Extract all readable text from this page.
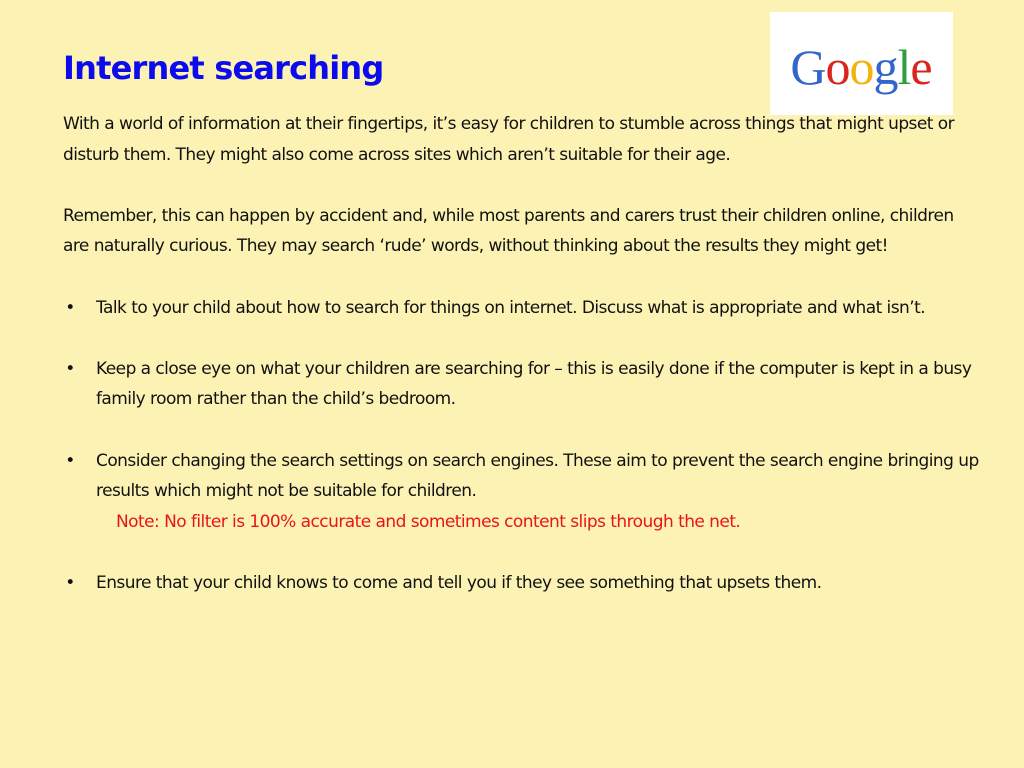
Internet searching	Google

With a world of information at their fingertips, it’s easy for children to stumble across things that might upset or disturb them. They might also come across sites which aren’t suitable for their age.

Remember, this can happen by accident and, while most parents and carers trust their children online, children are naturally curious. They may search ‘rude’ words, without thinking about the results they might get!

• Talk to your child about how to search for things on internet. Discuss what is appropriate and what isn’t.
• Keep a close eye on what your children are searching for – this is easily done if the computer is kept in a busy family room rather than the child’s bedroom.
• Consider changing the search settings on search engines. These aim to prevent the search engine bringing up results which might not be suitable for children.
Note: No filter is 100% accurate and sometimes content slips through the net.
• Ensure that your child knows to come and tell you if they see something that upsets them.
